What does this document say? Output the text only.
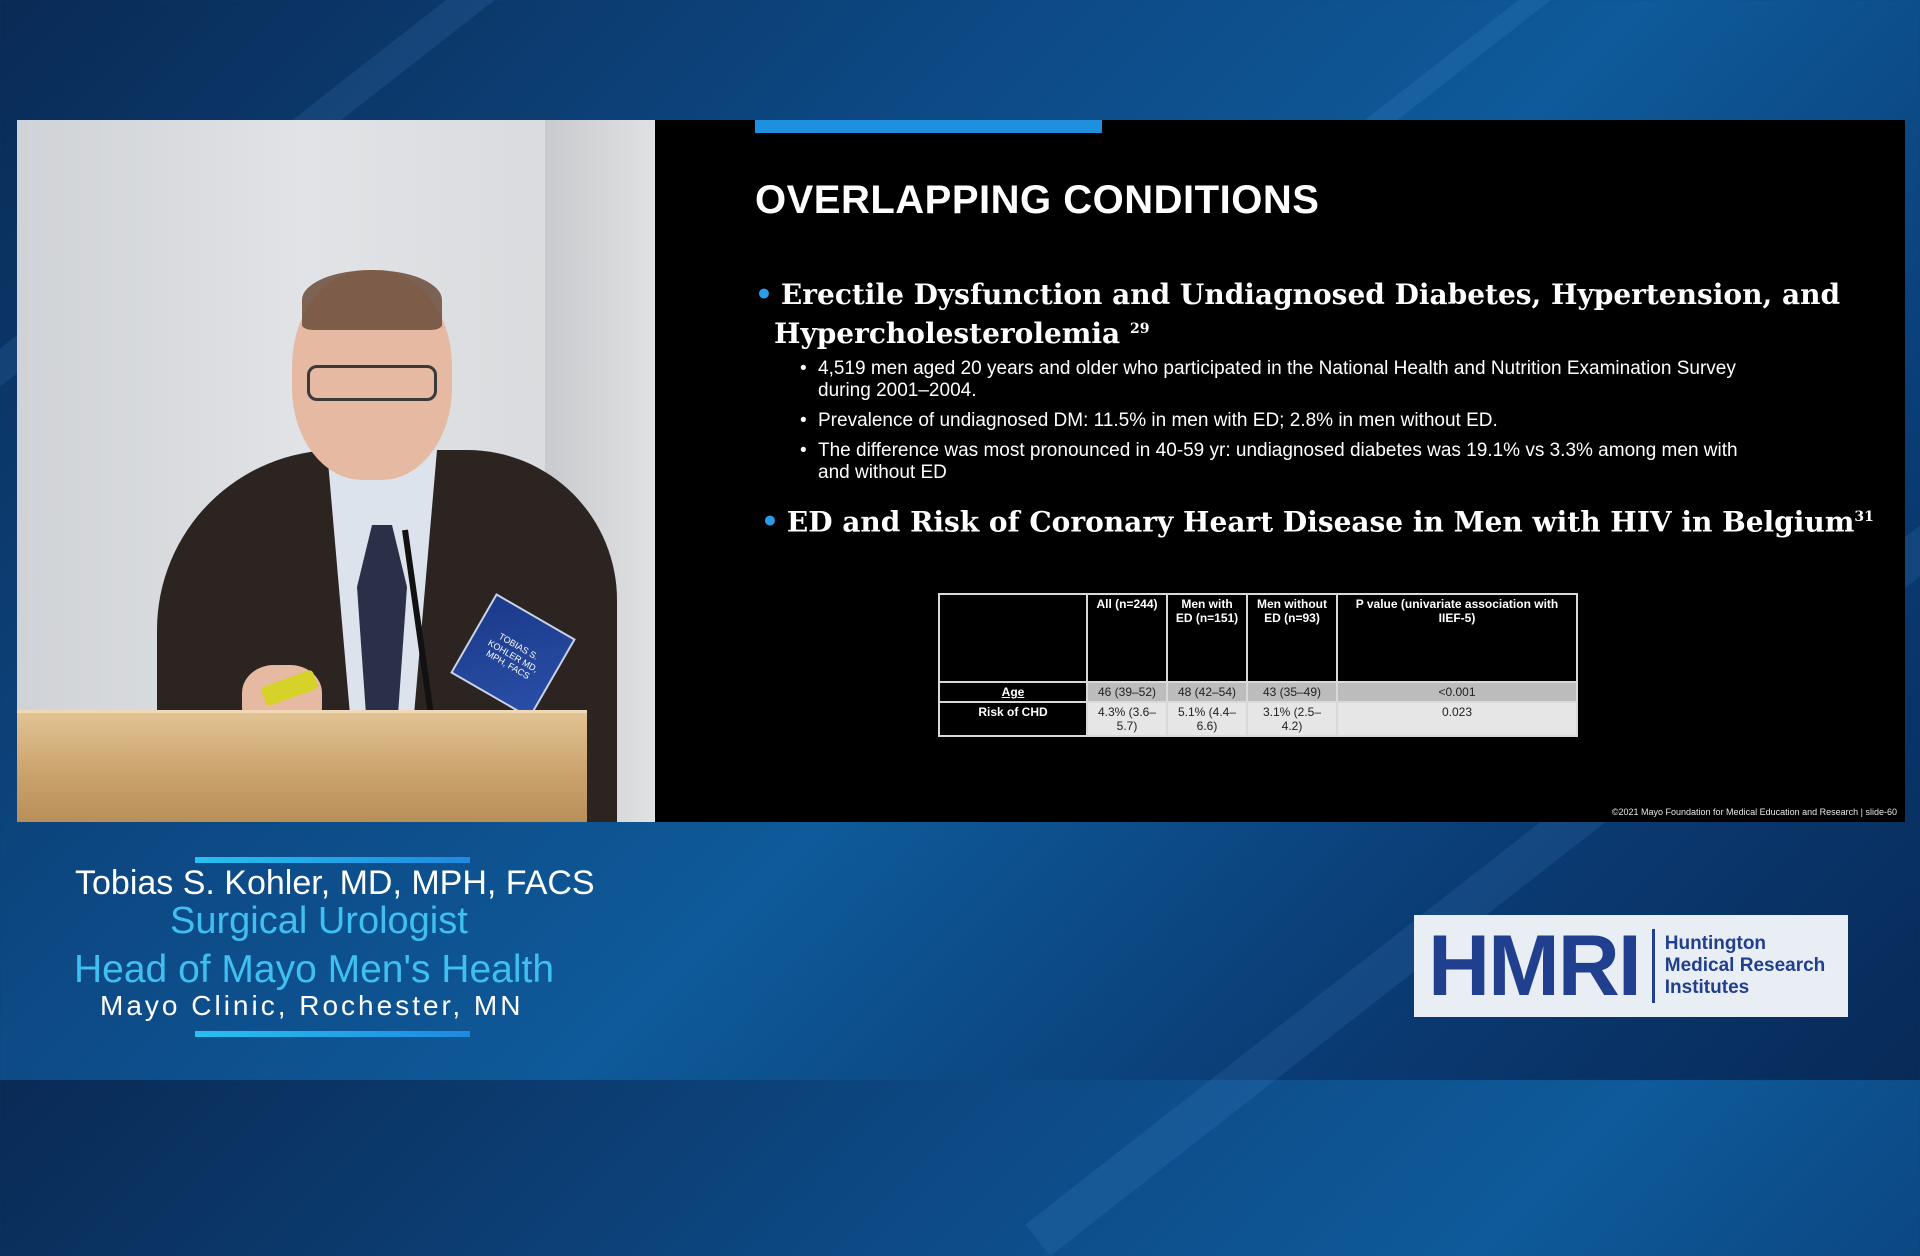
TOBIAS S. KOHLER MD, MPH, FACS
OVERLAPPING CONDITIONS
• Erectile Dysfunction and Undiagnosed Diabetes, Hypertension, and
Hypercholesterolemia $^{29}$
• 4,519 men aged 20 years and older who participated in the National Health and Nutrition Examination Survey during 2001–2004.
• Prevalence of undiagnosed DM: 11.5% in men with ED; 2.8% in men without ED.
• The difference was most pronounced in 40-59 yr: undiagnosed diabetes was 19.1% vs 3.3% among men with and without ED
• ED and Risk of Coronary Heart Disease in Men with HIV in Belgium$^{31}$
	All (n=244)	Men with ED (n=151)	Men without ED (n=93)	P value (univariate association with IIEF-5)
Age	46 (39–52)	48 (42–54)	43 (35–49)	<0.001
Risk of CHD	4.3% (3.6–5.7)	5.1% (4.4–6.6)	3.1% (2.5–4.2)	0.023
©2021 Mayo Foundation for Medical Education and Research | slide-60
Tobias S. Kohler, MD, MPH, FACS
Surgical Urologist
Head of Mayo Men's Health
Mayo Clinic, Rochester, MN	HMRI Huntington
Medical Research
Institutes
